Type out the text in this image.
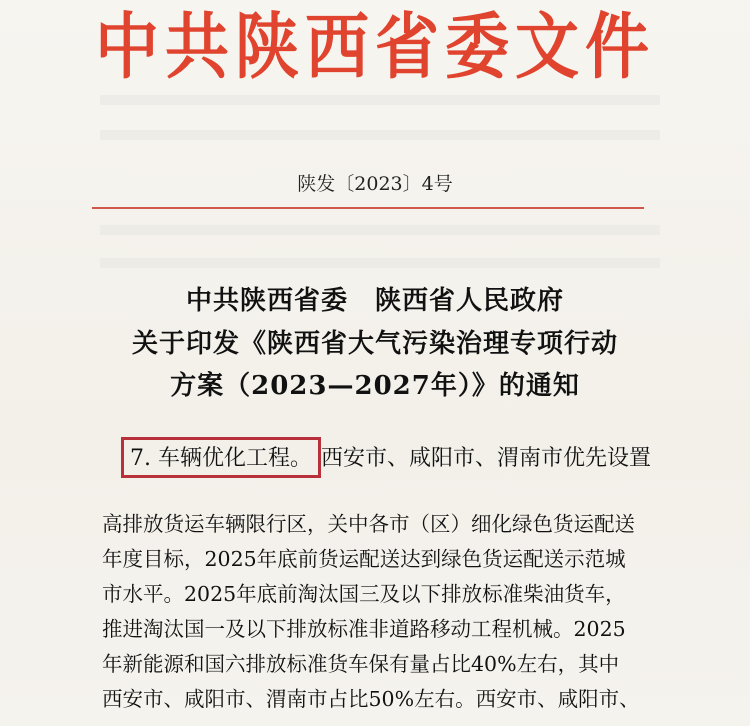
中共陕西省委文件
陕发〔2023〕4号
中共陕西省委　陕西省人民政府
关于印发《陕西省大气污染治理专项行动
方案（2023—2027年）》的通知
7. 车辆优化工程。 西安市、咸阳市、渭南市优先设置
高排放货运车辆限行区，关中各市（区）细化绿色货运配送
年度目标，2025年底前货运配送达到绿色货运配送示范城
市水平。2025年底前淘汰国三及以下排放标准柴油货车，
推进淘汰国一及以下排放标准非道路移动工程机械。2025
年新能源和国六排放标准货车保有量占比40%左右，其中
西安市、咸阳市、渭南市占比50%左右。西安市、咸阳市、
